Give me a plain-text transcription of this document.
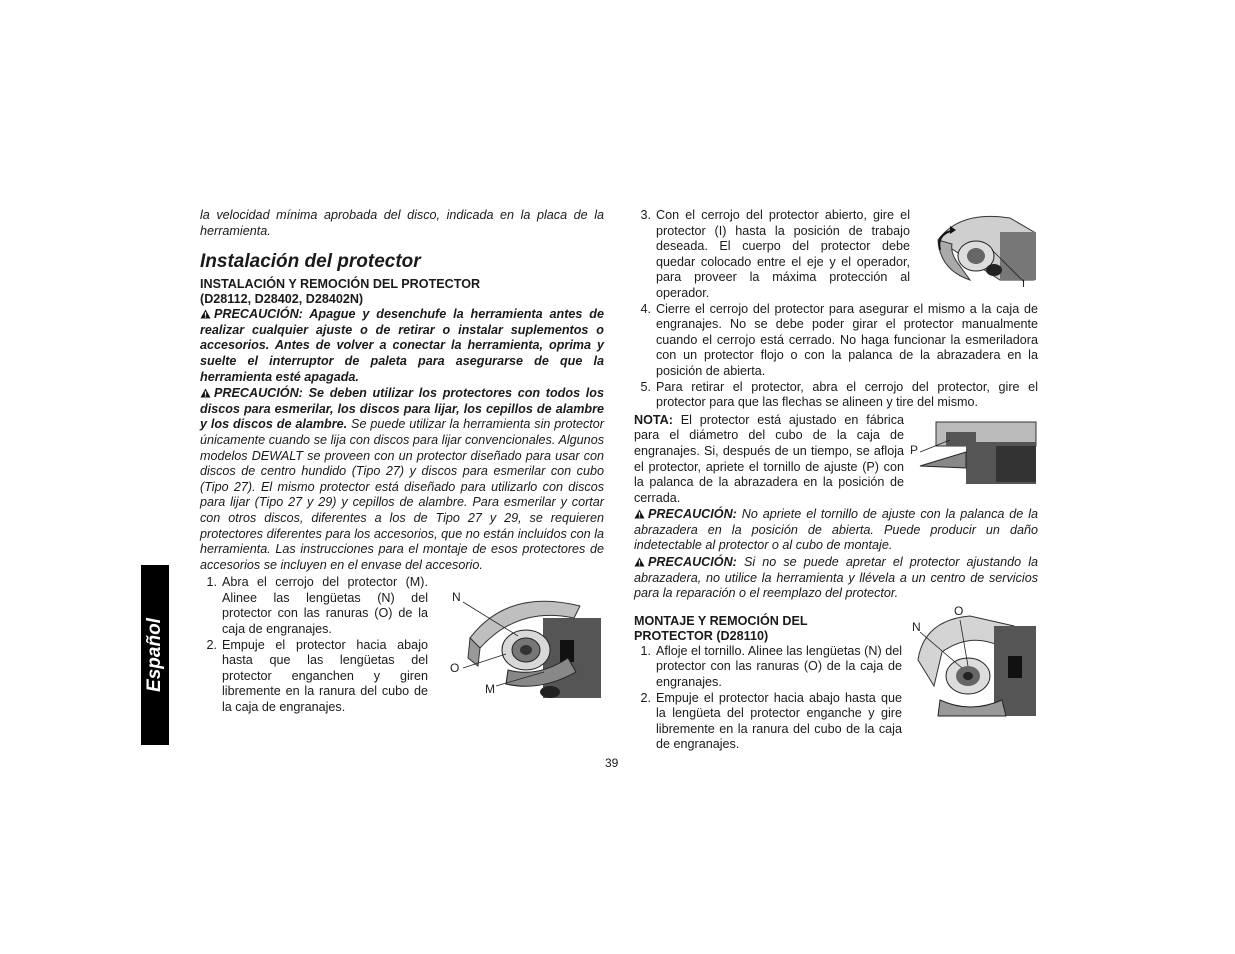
Español

la velocidad mínima aprobada del disco, indicada en la placa de la herramienta.

Instalación del protector
INSTALACIÓN Y REMOCIÓN DEL PROTECTOR (D28112, D28402, D28402N)

PRECAUCIÓN: Apague y desenchufe la herramienta antes de realizar cualquier ajuste o de retirar o instalar suplementos o accesorios. Antes de volver a conectar la herramienta, oprima y suelte el interruptor de paleta para asegurarse de que la herramienta esté apagada.

PRECAUCIÓN: Se deben utilizar los protectores con todos los discos para esmerilar, los discos para lijar, los cepillos de alambre y los discos de alambre. Se puede utilizar la herramienta sin protector únicamente cuando se lija con discos para lijar convencionales. Algunos modelos DEWALT se proveen con un protector diseñado para usar con discos de centro hundido (Tipo 27) y discos para esmerilar con cubo (Tipo 27). El mismo protector está diseñado para utilizarlo con discos para lijar (Tipo 27 y 29) y cepillos de alambre. Para esmerilar y cortar con otros discos, diferentes a los de Tipo 27 y 29, se requieren protectores diferentes para los accesorios, que no están incluidos con la herramienta. Las instrucciones para el montaje de esos protectores de accesorios se incluyen en el envase del accesorio.

1. Abra el cerrojo del protector (M). Alinee las lengüetas (N) del protector con las ranuras (O) de la caja de engranajes.
2. Empuje el protector hacia abajo hasta que las lengüetas del protector enganchen y giren libremente en la ranura del cubo de la caja de engranajes.
N
O
M
3. Con el cerrojo del protector abierto, gire el protector (I) hasta la posición de trabajo deseada. El cuerpo del protector debe quedar colocado entre el eje y el operador, para proveer la máxima protección al operador.
4. Cierre el cerrojo del protector para asegurar el mismo a la caja de engranajes. No se debe poder girar el protector manualmente cuando el cerrojo está cerrado. No haga funcionar la esmeriladora con un protector flojo o con la palanca de la abrazadera en la posición de abierta.
5. Para retirar el protector, abra el cerrojo del protector, gire el protector para que las flechas se alineen y tire del mismo.

NOTA: El protector está ajustado en fábrica para el diámetro del cubo de la caja de engranajes. Si, después de un tiempo, se afloja el protector, apriete el tornillo de ajuste (P) con la palanca de la abrazadera en la posición de cerrada.

PRECAUCIÓN: No apriete el tornillo de ajuste con la palanca de la abrazadera en la posición de abierta. Puede producir un daño indetectable al protector o al cubo de montaje.

PRECAUCIÓN: Si no se puede apretar el protector ajustando la abrazadera, no utilice la herramienta y llévela a un centro de servicios para la reparación o el reemplazo del protector.

MONTAJE Y REMOCIÓN DEL PROTECTOR (D28110)
1. Afloje el tornillo. Alinee las lengüetas (N) del protector con las ranuras (O) de la caja de engranajes.
2. Empuje el protector hacia abajo hasta que la lengüeta del protector enganche y gire libremente en la ranura del cubo de la caja de engranajes.
I
P
O
N
39
